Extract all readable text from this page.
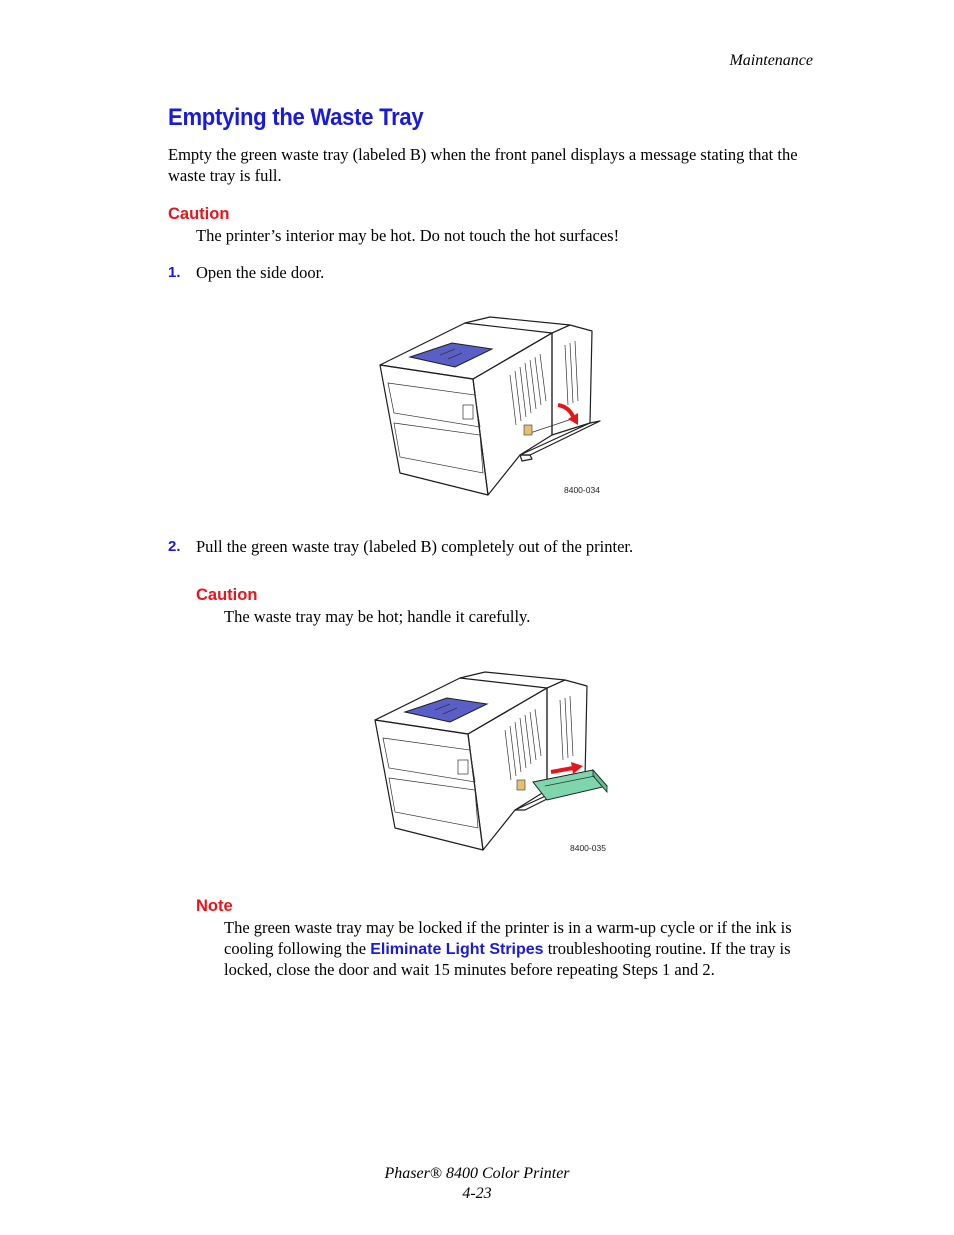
Maintenance
Emptying the Waste Tray
Empty the green waste tray (labeled B) when the front panel displays a message stating that the waste tray is full.
Caution
The printer’s interior may be hot. Do not touch the hot surfaces!
1. Open the side door.
8400-034
2. Pull the green waste tray (labeled B) completely out of the printer.
Caution
The waste tray may be hot; handle it carefully.
8400-035
Note
The green waste tray may be locked if the printer is in a warm-up cycle or if the ink is cooling following the Eliminate Light Stripes troubleshooting routine. If the tray is locked, close the door and wait 15 minutes before repeating Steps 1 and 2.
Phaser® 8400 Color Printer
4-23
